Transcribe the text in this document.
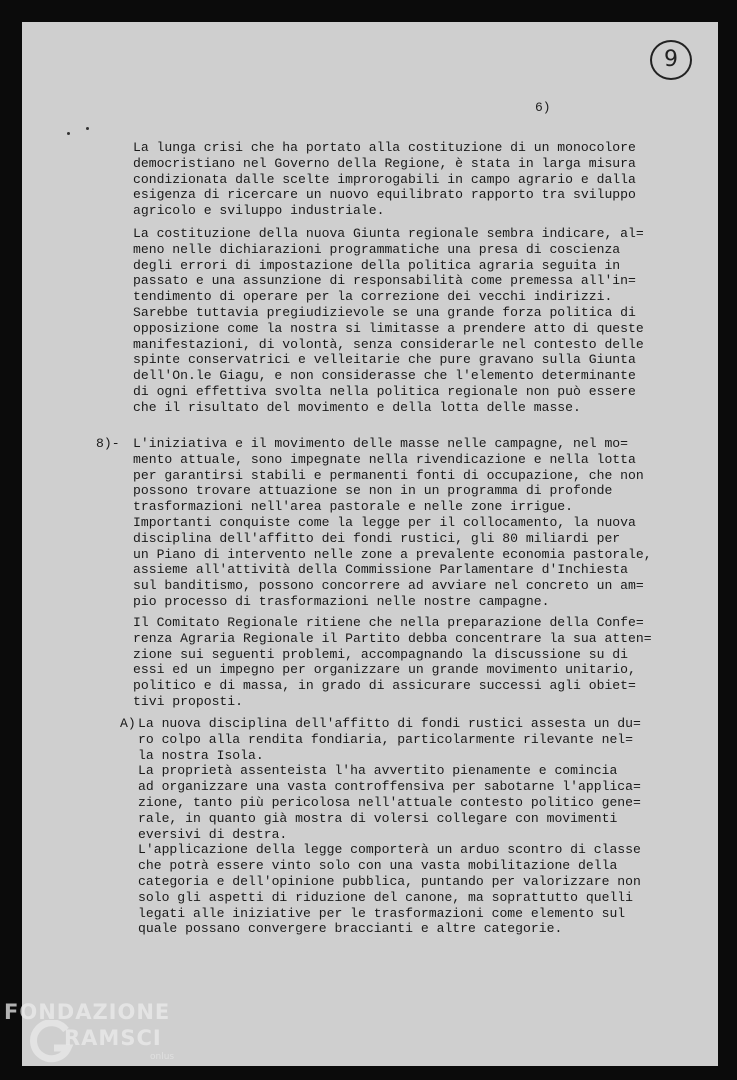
9
6)
La lunga crisi che ha portato alla costituzione di un monocolore
democristiano nel Governo della Regione, è stata in larga misura
condizionata dalle scelte improrogabili in campo agrario e dalla
esigenza di ricercare un nuovo equilibrato rapporto tra sviluppo
agricolo e sviluppo industriale.
La costituzione della nuova Giunta regionale sembra indicare, al=
meno nelle dichiarazioni programmatiche una presa di coscienza
degli errori di impostazione della politica agraria seguita in
passato e una assunzione di responsabilità come premessa all'in=
tendimento di operare per la correzione dei vecchi indirizzi.
Sarebbe tuttavia pregiudizievole se una grande forza politica di
opposizione come la nostra si limitasse a prendere atto di queste
manifestazioni, di volontà, senza considerarle nel contesto delle
spinte conservatrici e velleitarie che pure gravano sulla Giunta
dell'On.le Giagu, e non considerasse che l'elemento determinante
di ogni effettiva svolta nella politica regionale non può essere
che il risultato del movimento e della lotta delle masse.
8)- L'iniziativa e il movimento delle masse nelle campagne, nel mo=
mento attuale, sono impegnate nella rivendicazione e nella lotta
per garantirsi stabili e permanenti fonti di occupazione, che non
possono trovare attuazione se non in un programma di profonde
trasformazioni nell'area pastorale e nelle zone irrigue.
Importanti conquiste come la legge per il collocamento, la nuova
disciplina dell'affitto dei fondi rustici, gli 80 miliardi per
un Piano di intervento nelle zone a prevalente economia pastorale,
assieme all'attività della Commissione Parlamentare d'Inchiesta
sul banditismo, possono concorrere ad avviare nel concreto un am=
pio processo di trasformazioni nelle nostre campagne.
Il Comitato Regionale ritiene che nella preparazione della Confe=
renza Agraria Regionale il Partito debba concentrare la sua atten=
zione sui seguenti problemi, accompagnando la discussione su di
essi ed un impegno per organizzare un grande movimento unitario,
politico e di massa, in grado di assicurare successi agli obiet=
tivi proposti.
A) La nuova disciplina dell'affitto di fondi rustici assesta un du=
ro colpo alla rendita fondiaria, particolarmente rilevante nel=
la nostra Isola.
La proprietà assenteista l'ha avvertito pienamente e comincia
ad organizzare una vasta controffensiva per sabotarne l'applica=
zione, tanto più pericolosa nell'attuale contesto politico gene=
rale, in quanto già mostra di volersi collegare con movimenti
eversivi di destra.
L'applicazione della legge comporterà un arduo scontro di classe
che potrà essere vinto solo con una vasta mobilitazione della
categoria e dell'opinione pubblica, puntando per valorizzare non
solo gli aspetti di riduzione del canone, ma soprattutto quelli
legati alle iniziative per le trasformazioni come elemento sul
quale possano convergere braccianti e altre categorie.
FONDAZIONE
RAMSCI
onlus
